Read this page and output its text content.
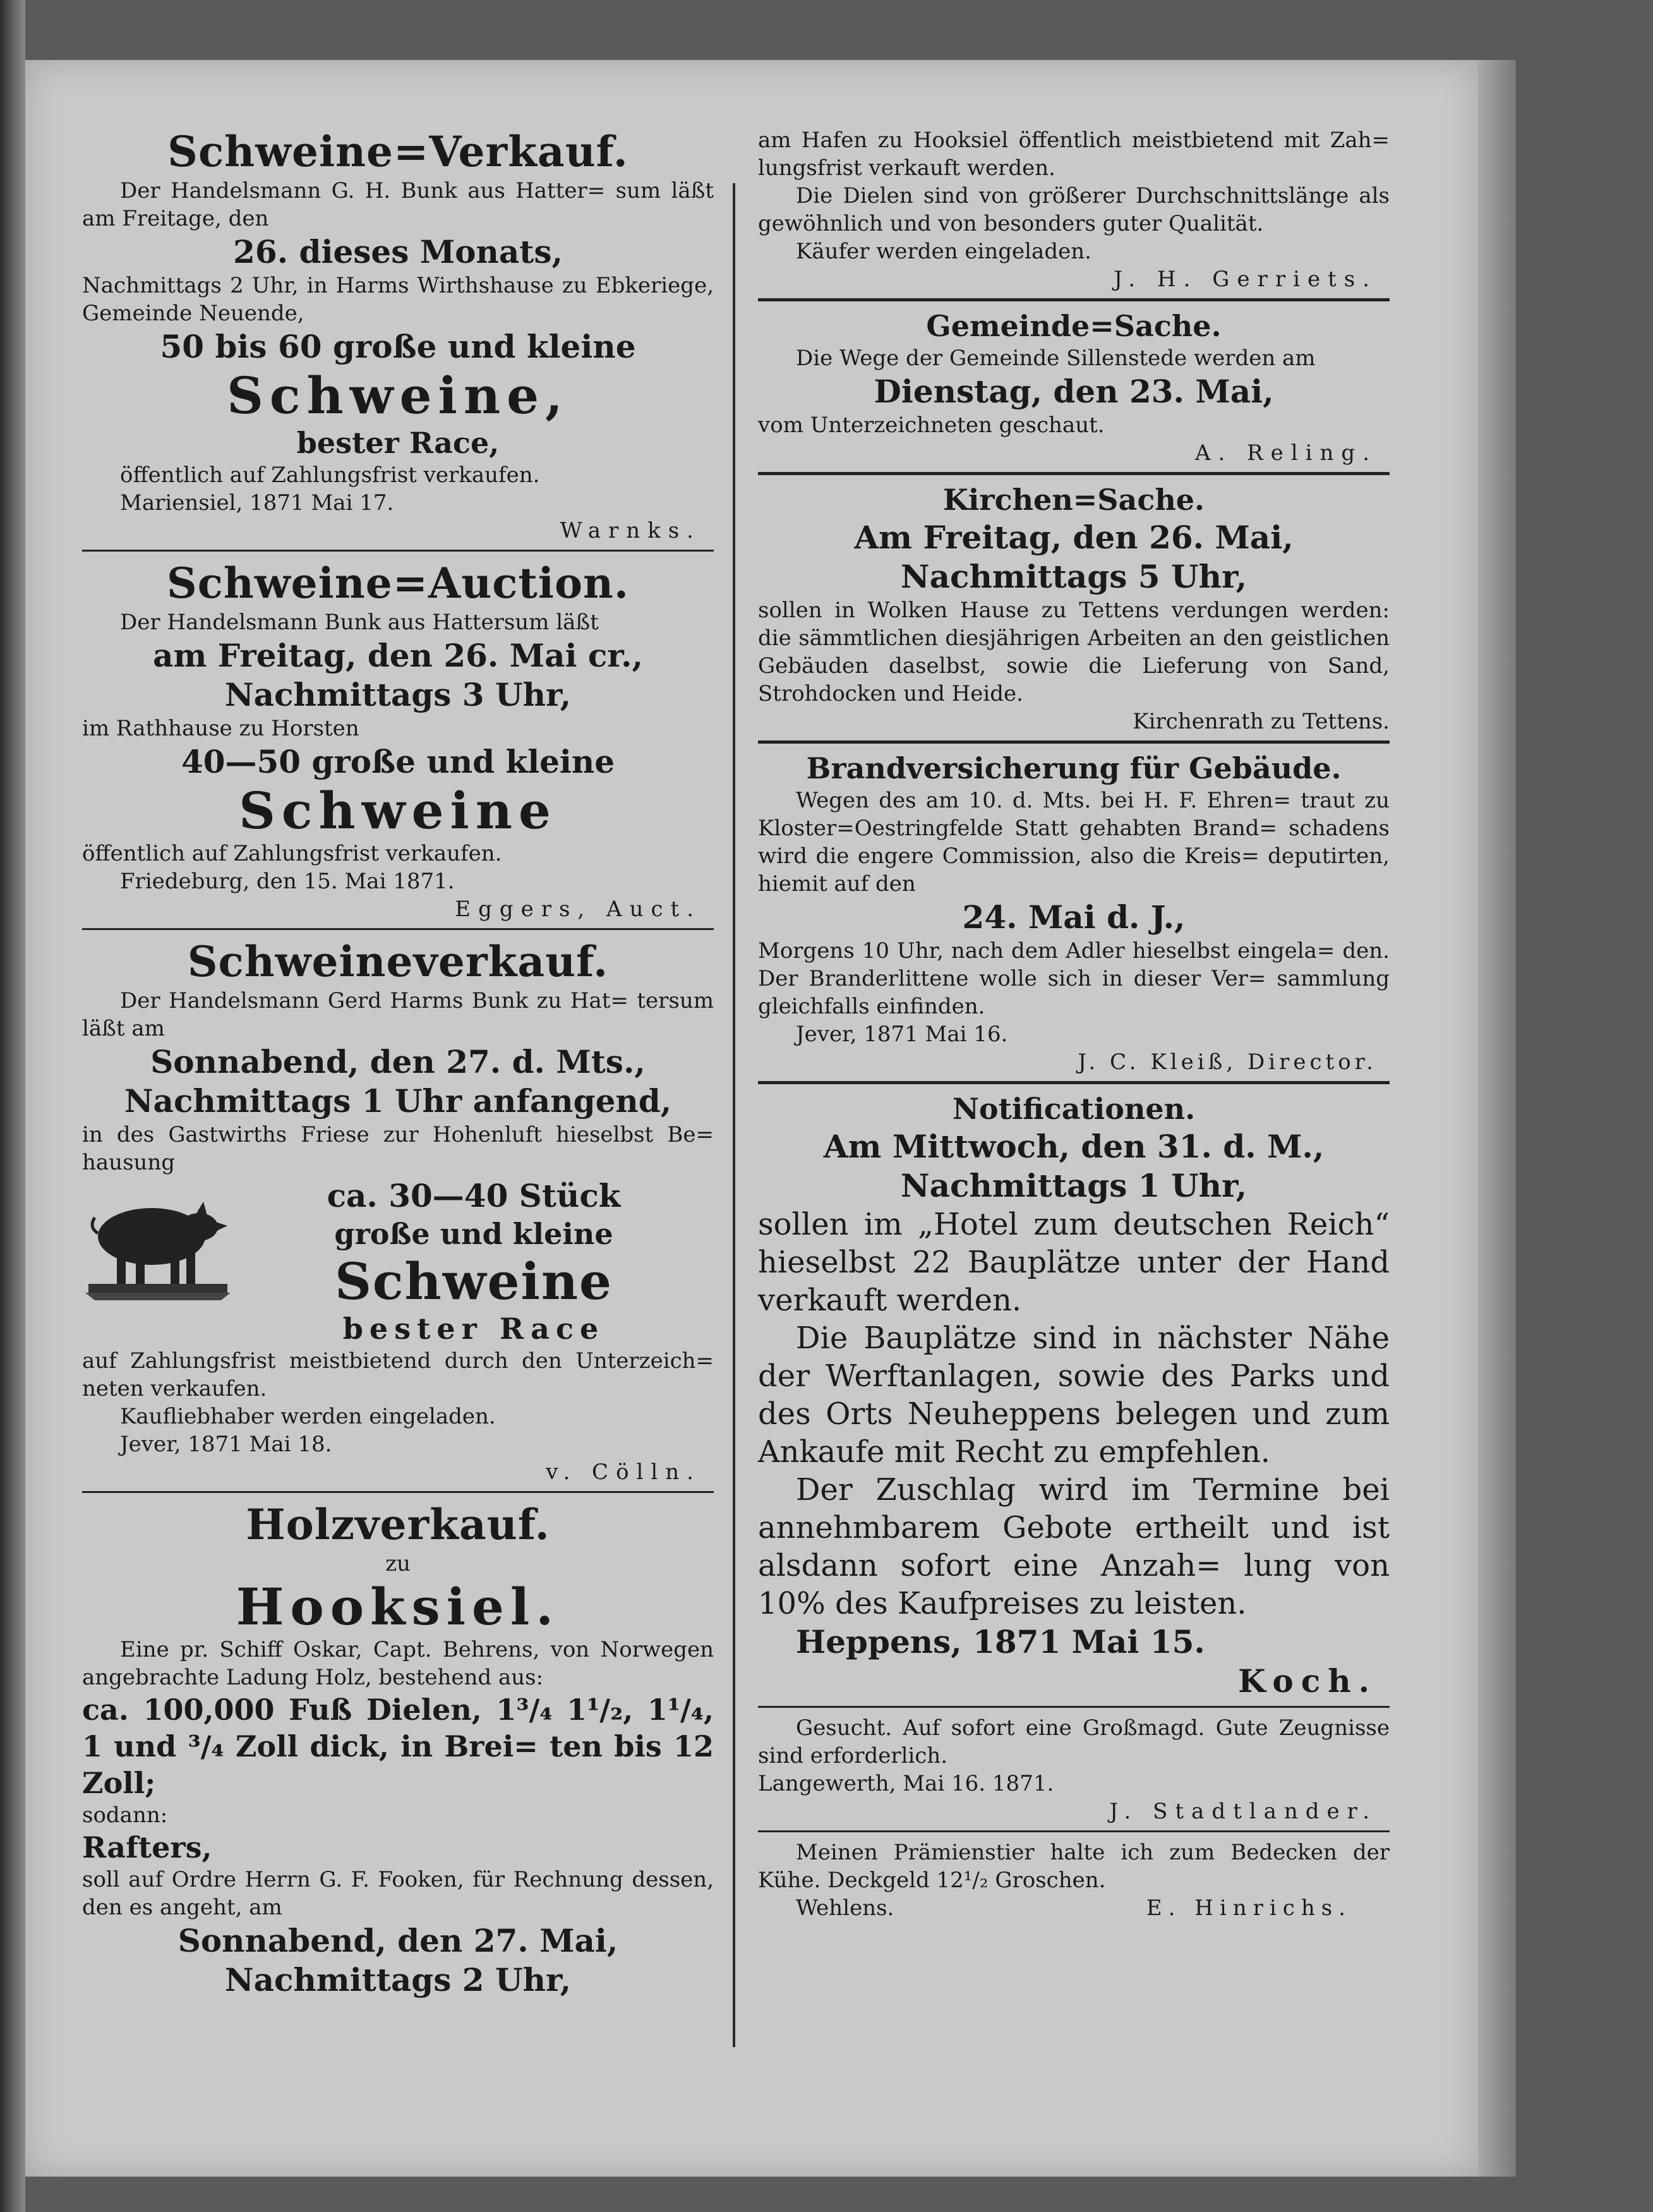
Schweine=Verkauf.

Der Handelsmann G. H. Bunk aus Hatter= sum läßt am Freitage, den

26. dieses Monats,

Nachmittags 2 Uhr, in Harms Wirthshause zu Ebkeriege, Gemeinde Neuende,

50 bis 60 große und kleine

Schweine,

bester Race,

öffentlich auf Zahlungsfrist verkaufen.

Mariensiel, 1871 Mai 17.

Warnks.

Schweine=Auction.

Der Handelsmann Bunk aus Hattersum läßt

am Freitag, den 26. Mai cr.,

Nachmittags 3 Uhr,

im Rathhause zu Horsten

40—50 große und kleine

Schweine

öffentlich auf Zahlungsfrist verkaufen.

Friedeburg, den 15. Mai 1871.

Eggers, Auct.

Schweineverkauf.

Der Handelsmann Gerd Harms Bunk zu Hat= tersum läßt am

Sonnabend, den 27. d. Mts.,

Nachmittags 1 Uhr anfangend,

in des Gastwirths Friese zur Hohenluft hieselbst Be= hausung

ca. 30—40 Stück

große und kleine

Schweine

bester Race

auf Zahlungsfrist meistbietend durch den Unterzeich= neten verkaufen.

Kaufliebhaber werden eingeladen.

Jever, 1871 Mai 18.

v. Cölln.

Holzverkauf.

zu

Hooksiel.

Eine pr. Schiff Oskar, Capt. Behrens, von Norwegen angebrachte Ladung Holz, bestehend aus:

ca. 100,000 Fuß Dielen, 1³/₄ 1¹/₂, 1¹/₄, 1 und ³/₄ Zoll dick, in Brei= ten bis 12 Zoll;

sodann:

Rafters,

soll auf Ordre Herrn G. F. Fooken, für Rechnung dessen, den es angeht, am

Sonnabend, den 27. Mai,

Nachmittags 2 Uhr,

am Hafen zu Hooksiel öffentlich meistbietend mit Zah= lungsfrist verkauft werden.

Die Dielen sind von größerer Durchschnittslänge als gewöhnlich und von besonders guter Qualität.

Käufer werden eingeladen.

J. H. Gerriets.

Gemeinde=Sache.

Die Wege der Gemeinde Sillenstede werden am

Dienstag, den 23. Mai,

vom Unterzeichneten geschaut.

A. Reling.

Kirchen=Sache.

Am Freitag, den 26. Mai,

Nachmittags 5 Uhr,

sollen in Wolken Hause zu Tettens verdungen werden: die sämmtlichen diesjährigen Arbeiten an den geistlichen Gebäuden daselbst, sowie die Lieferung von Sand, Strohdocken und Heide.

Kirchenrath zu Tettens.

Brandversicherung für Gebäude.

Wegen des am 10. d. Mts. bei H. F. Ehren= traut zu Kloster=Oestringfelde Statt gehabten Brand= schadens wird die engere Commission, also die Kreis= deputirten, hiemit auf den

24. Mai d. J.,

Morgens 10 Uhr, nach dem Adler hieselbst eingela= den. Der Branderlittene wolle sich in dieser Ver= sammlung gleichfalls einfinden.

Jever, 1871 Mai 16.

J. C. Kleiß, Director.

Notificationen.

Am Mittwoch, den 31. d. M.,

Nachmittags 1 Uhr,

sollen im „Hotel zum deutschen Reich“ hieselbst 22 Bauplätze unter der Hand verkauft werden.

Die Bauplätze sind in nächster Nähe der Werftanlagen, sowie des Parks und des Orts Neuheppens belegen und zum Ankaufe mit Recht zu empfehlen.

Der Zuschlag wird im Termine bei annehmbarem Gebote ertheilt und ist alsdann sofort eine Anzah= lung von 10% des Kaufpreises zu leisten.

Heppens, 1871 Mai 15.

Koch.

Gesucht. Auf sofort eine Großmagd. Gute Zeugnisse sind erforderlich.

Langewerth, Mai 16. 1871.

J. Stadtlander.

Meinen Prämienstier halte ich zum Bedecken der Kühe. Deckgeld 12¹/₂ Groschen.

Wehlens.	E. Hinrichs.
